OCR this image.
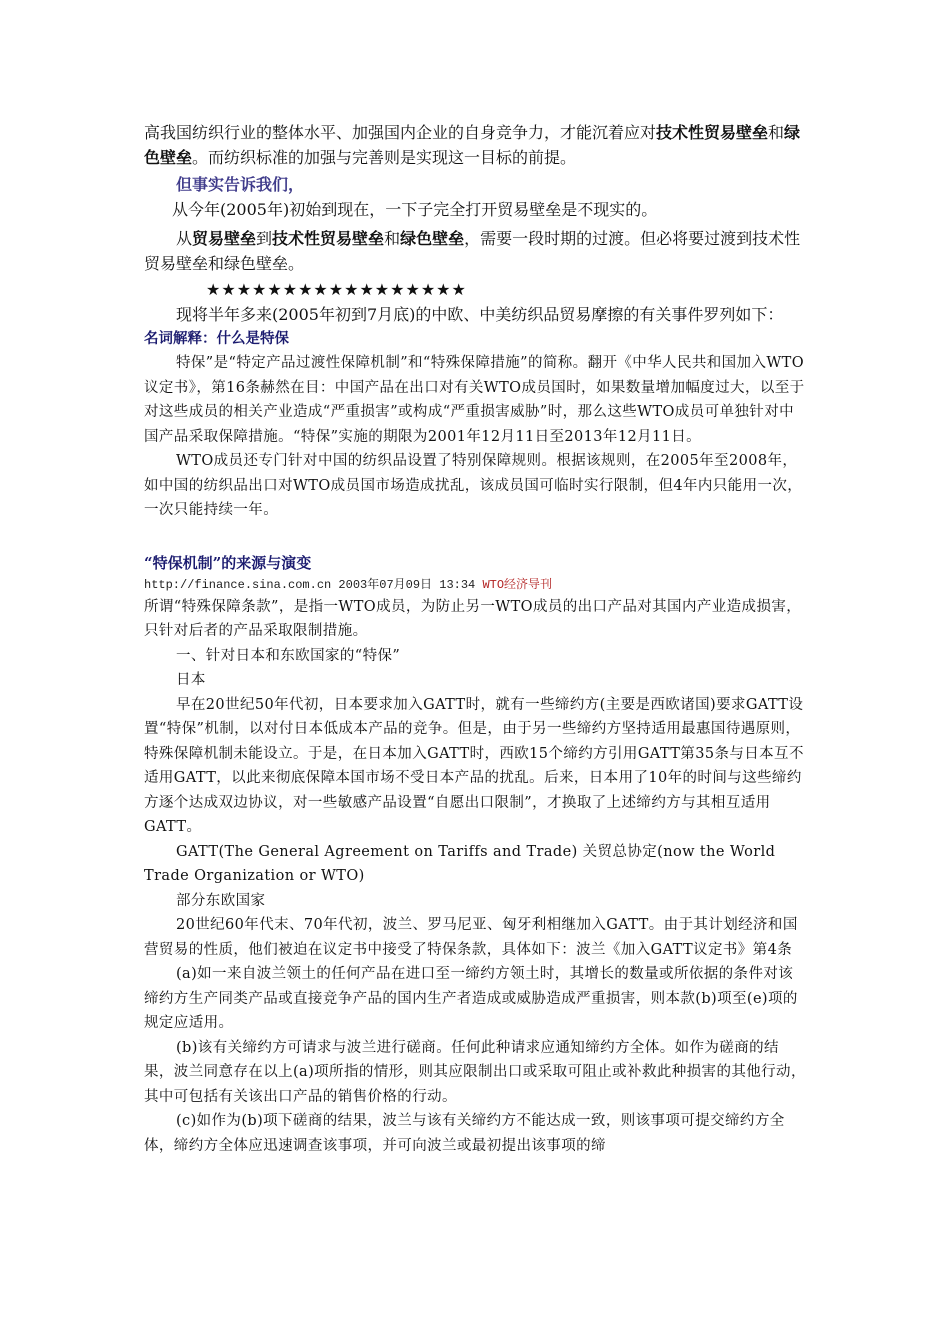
高我国纺织行业的整体水平、加强国内企业的自身竞争力，才能沉着应对技术性贸易壁垒和绿色壁垒。而纺织标准的加强与完善则是实现这一目标的前提。

但事实告诉我们，

从今年(2005年)初始到现在，一下子完全打开贸易壁垒是不现实的。

从贸易壁垒到技术性贸易壁垒和绿色壁垒，需要一段时期的过渡。但必将要过渡到技术性贸易壁垒和绿色壁垒。

★★★★★★★★★★★★★★★★★

现将半年多来(2005年初到7月底)的中欧、中美纺织品贸易摩擦的有关事件罗列如下：

名词解释：什么是特保

特保”是“特定产品过渡性保障机制”和“特殊保障措施”的简称。翻开《中华人民共和国加入WTO议定书》，第16条赫然在目：中国产品在出口对有关WTO成员国时，如果数量增加幅度过大，以至于对这些成员的相关产业造成“严重损害”或构成“严重损害威胁”时，那么这些WTO成员可单独针对中国产品采取保障措施。“特保”实施的期限为2001年12月11日至2013年12月11日。

WTO成员还专门针对中国的纺织品设置了特别保障规则。根据该规则，在2005年至2008年，如中国的纺织品出口对WTO成员国市场造成扰乱，该成员国可临时实行限制，但4年内只能用一次，一次只能持续一年。

“特保机制”的来源与演变

http://finance.sina.com.cn 2003年07月09日 13:34 WTO经济导刊

所谓“特殊保障条款”，是指一WTO成员，为防止另一WTO成员的出口产品对其国内产业造成损害，只针对后者的产品采取限制措施。

一、针对日本和东欧国家的“特保”

日本

早在20世纪50年代初，日本要求加入GATT时，就有一些缔约方(主要是西欧诸国)要求GATT设置“特保”机制，以对付日本低成本产品的竞争。但是，由于另一些缔约方坚持适用最惠国待遇原则，特殊保障机制未能设立。于是，在日本加入GATT时，西欧15个缔约方引用GATT第35条与日本互不适用GATT，以此来彻底保障本国市场不受日本产品的扰乱。后来，日本用了10年的时间与这些缔约方逐个达成双边协议，对一些敏感产品设置“自愿出口限制”，才换取了上述缔约方与其相互适用GATT。

GATT(The General Agreement on Tariffs and Trade) 关贸总协定(now the World Trade Organization or WTO)

部分东欧国家

20世纪60年代末、70年代初，波兰、罗马尼亚、匈牙利相继加入GATT。由于其计划经济和国营贸易的性质，他们被迫在议定书中接受了特保条款，具体如下：波兰《加入GATT议定书》第4条

(a)如一来自波兰领土的任何产品在进口至一缔约方领土时，其增长的数量或所依据的条件对该缔约方生产同类产品或直接竞争产品的国内生产者造成或威胁造成严重损害，则本款(b)项至(e)项的规定应适用。

(b)该有关缔约方可请求与波兰进行磋商。任何此种请求应通知缔约方全体。如作为磋商的结果，波兰同意存在以上(a)项所指的情形，则其应限制出口或采取可阻止或补救此种损害的其他行动，其中可包括有关该出口产品的销售价格的行动。

(c)如作为(b)项下磋商的结果，波兰与该有关缔约方不能达成一致，则该事项可提交缔约方全体，缔约方全体应迅速调查该事项，并可向波兰或最初提出该事项的缔
